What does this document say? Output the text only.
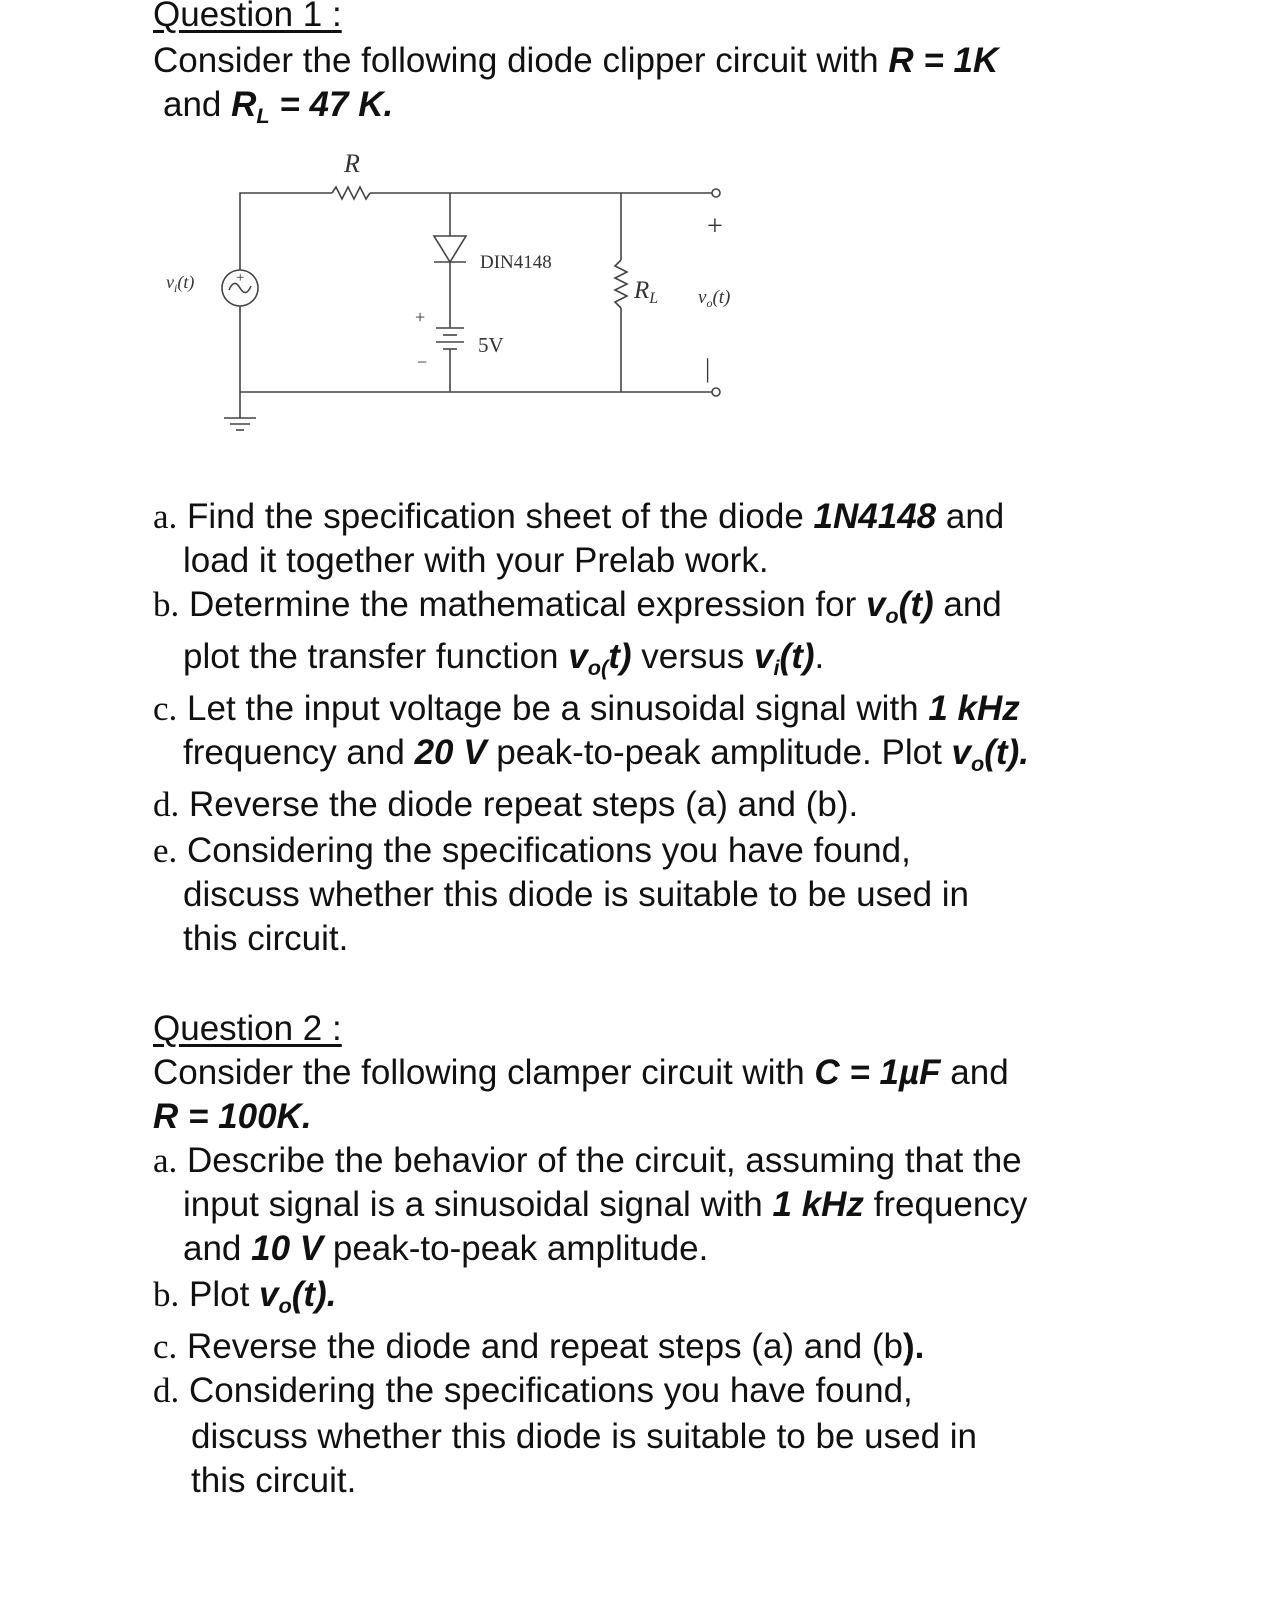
Question 1 :
Consider the following diode clipper circuit with R = 1K
and $R_L = 47$ K.
R
DIN4148
5V
+
−
+	$R_L$
+
|
$v_o(t)$
$v_i(t)$
a. Find the specification sheet of the diode 1N4148 and
load it together with your Prelab work.
b. Determine the mathematical expression for $v_o(t)$ and
plot the transfer function $v_{o(}t$) versus $v_i(t)$.
c. Let the input voltage be a sinusoidal signal with 1 kHz
frequency and 20 V peak-to-peak amplitude. Plot $v_o(t)$.
d. Reverse the diode repeat steps (a) and (b).
e. Considering the specifications you have found,
discuss whether this diode is suitable to be used in
this circuit.
Question 2 :
Consider the following clamper circuit with C = 1µF and
R = 100K.
a. Describe the behavior of the circuit, assuming that the
input signal is a sinusoidal signal with 1 kHz frequency
and 10 V peak-to-peak amplitude.
b. Plot $v_o(t)$.
c. Reverse the diode and repeat steps (a) and (b).
d. Considering the specifications you have found,
discuss whether this diode is suitable to be used in
this circuit.
